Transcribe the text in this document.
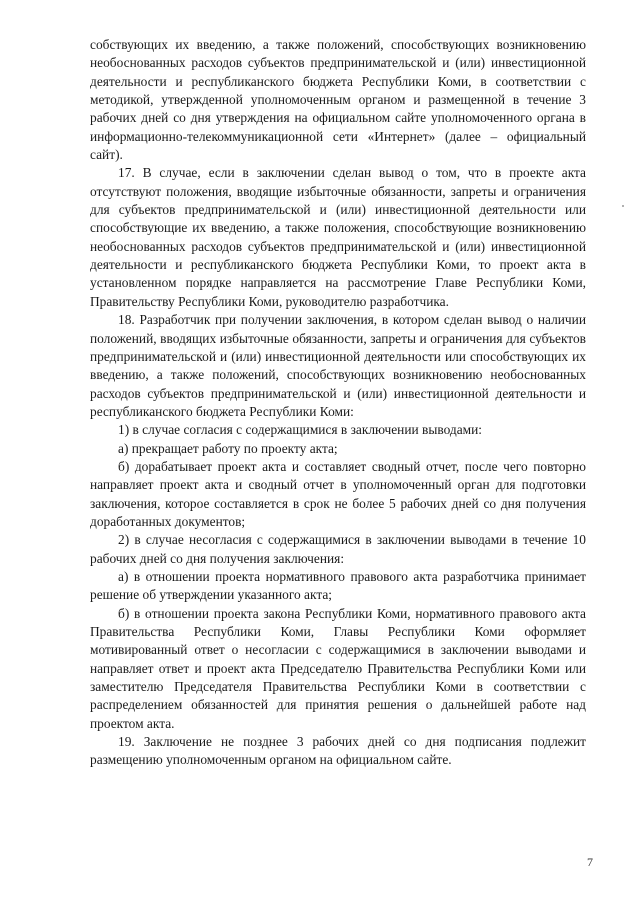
собствующих их введению, а также положений, способствующих возникновению необоснованных расходов субъектов предпринимательской и (или) инвестиционной деятельности и республиканского бюджета Республики Коми, в соответствии с методикой, утвержденной уполномоченным органом и размещенной в течение 3 рабочих дней со дня утверждения на официальном сайте уполномоченного органа в информационно-телекоммуникационной сети «Интернет» (далее – официальный сайт).

17. В случае, если в заключении сделан вывод о том, что в проекте акта отсутствуют положения, вводящие избыточные обязанности, запреты и ограничения для субъектов предпринимательской и (или) инвестиционной деятельности или способствующие их введению, а также положения, способствующие возникновению необоснованных расходов субъектов предпринимательской и (или) инвестиционной деятельности и республиканского бюджета Республики Коми, то проект акта в установленном порядке направляется на рассмотрение Главе Республики Коми, Правительству Республики Коми, руководителю разработчика.

18. Разработчик при получении заключения, в котором сделан вывод о наличии положений, вводящих избыточные обязанности, запреты и ограничения для субъектов предпринимательской и (или) инвестиционной деятельности или способствующих их введению, а также положений, способствующих возникновению необоснованных расходов субъектов предпринимательской и (или) инвестиционной деятельности и республиканского бюджета Республики Коми:

1) в случае согласия с содержащимися в заключении выводами:

а) прекращает работу по проекту акта;

б) дорабатывает проект акта и составляет сводный отчет, после чего повторно направляет проект акта и сводный отчет в уполномоченный орган для подготовки заключения, которое составляется в срок не более 5 рабочих дней со дня получения доработанных документов;

2) в случае несогласия с содержащимися в заключении выводами в течение 10 рабочих дней со дня получения заключения:

а) в отношении проекта нормативного правового акта разработчика принимает решение об утверждении указанного акта;

б) в отношении проекта закона Республики Коми, нормативного правового акта Правительства Республики Коми, Главы Республики Коми оформляет мотивированный ответ о несогласии с содержащимися в заключении выводами и направляет ответ и проект акта Председателю Правительства Республики Коми или заместителю Председателя Правительства Республики Коми в соответствии с распределением обязанностей для принятия решения о дальнейшей работе над проектом акта.

19. Заключение не позднее 3 рабочих дней со дня подписания подлежит размещению уполномоченным органом на официальном сайте.

7
